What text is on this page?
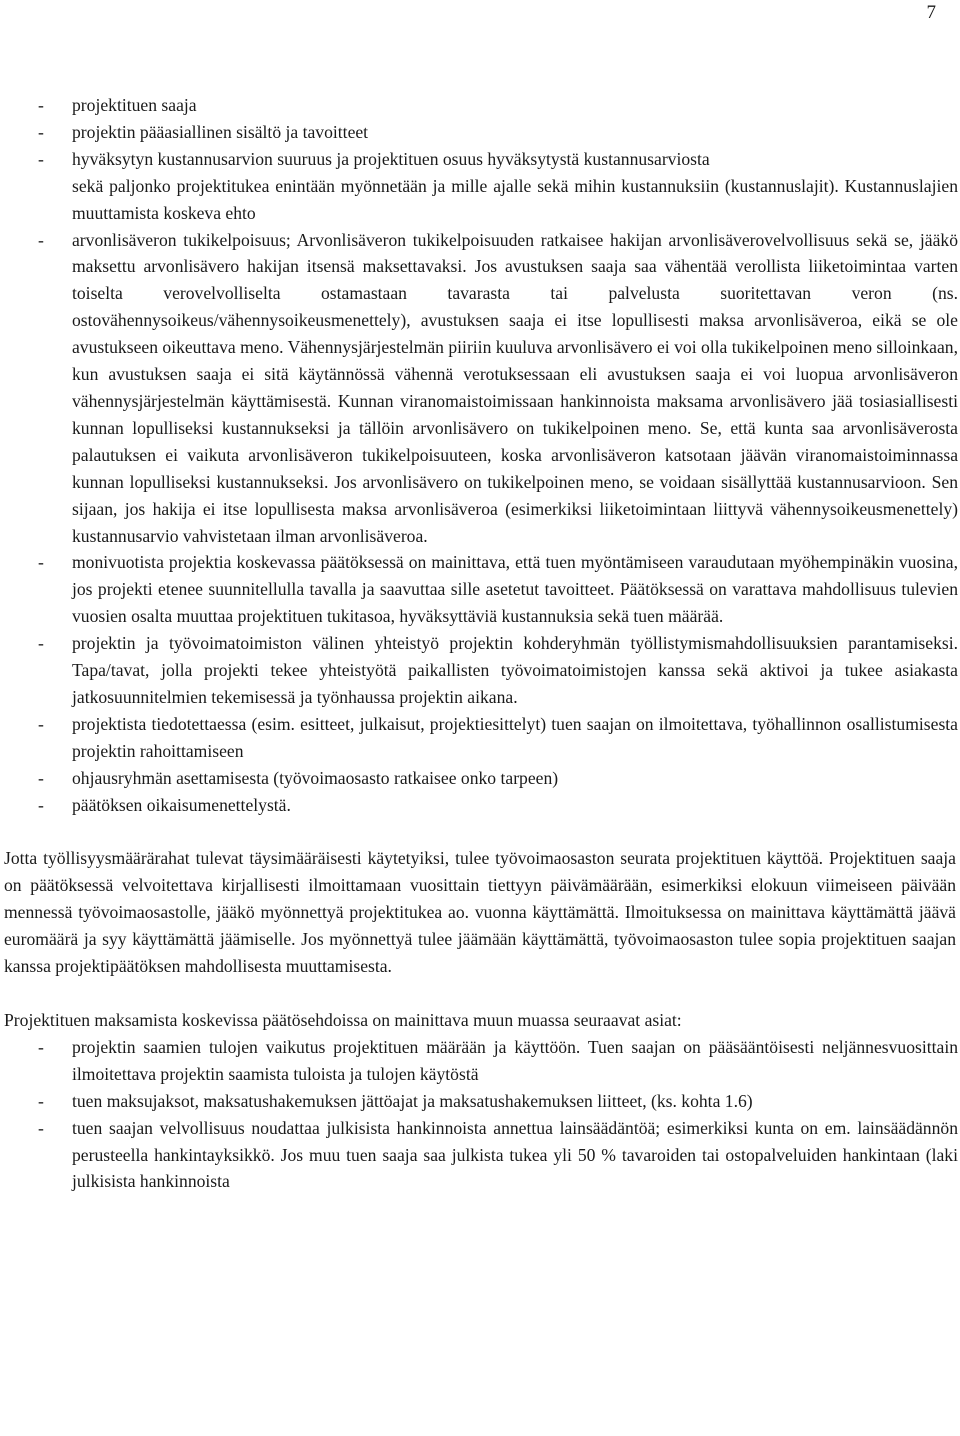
7
-	projektituen saaja
-	projektin pääasiallinen sisältö ja tavoitteet
-	hyväksytyn kustannusarvion suuruus ja projektituen osuus hyväksytystä kustannusarviosta
sekä paljonko projektitukea enintään myönnetään ja mille ajalle sekä mihin kustannuksiin (kustannuslajit). Kustannuslajien muuttamista koskeva ehto
-	arvonlisäveron tukikelpoisuus; Arvonlisäveron tukikelpoisuuden ratkaisee hakijan arvonlisäverovelvollisuus sekä se, jääkö maksettu arvonlisävero hakijan itsensä maksettavaksi. Jos avustuksen saaja saa vähentää verollista liiketoimintaa varten toiselta verovelvolliselta ostamastaan tavarasta tai palvelusta suoritettavan veron (ns. ostovähennysoikeus/vähennysoikeusmenettely), avustuksen saaja ei itse lopullisesti maksa arvonlisäveroa, eikä se ole avustukseen oikeuttava meno. Vähennysjärjestelmän piiriin kuuluva arvonlisävero ei voi olla tukikelpoinen meno silloinkaan, kun avustuksen saaja ei sitä käytännössä vähennä verotuksessaan eli avustuksen saaja ei voi luopua arvonlisäveron vähennysjärjestelmän käyttämisestä. Kunnan viranomaistoimissaan hankinnoista maksama arvonlisävero jää tosiasiallisesti kunnan lopulliseksi kustannukseksi ja tällöin arvonlisävero on tukikelpoinen meno. Se, että kunta saa arvonlisäverosta palautuksen ei vaikuta arvonlisäveron tukikelpoisuuteen, koska arvonlisäveron katsotaan jäävän viranomaistoiminnassa kunnan lopulliseksi kustannukseksi. Jos arvonlisävero on tukikelpoinen meno, se voidaan sisällyttää kustannusarvioon. Sen sijaan, jos hakija ei itse lopullisesta maksa arvonlisäveroa (esimerkiksi liiketoimintaan liittyvä vähennysoikeusmenettely) kustannusarvio vahvistetaan ilman arvonlisäveroa.
-	monivuotista projektia koskevassa päätöksessä on mainittava, että tuen myöntämiseen varaudutaan myöhempinäkin vuosina, jos projekti etenee suunnitellulla tavalla ja saavuttaa sille asetetut tavoitteet. Päätöksessä on varattava mahdollisuus tulevien vuosien osalta muuttaa projektituen tukitasoa, hyväksyttäviä kustannuksia sekä tuen määrää.
-	projektin ja työvoimatoimiston välinen yhteistyö projektin kohderyhmän työllistymismahdollisuuksien parantamiseksi. Tapa/tavat, jolla projekti tekee yhteistyötä paikallisten työvoimatoimistojen kanssa sekä aktivoi ja tukee asiakasta jatkosuunnitelmien tekemisessä ja työnhaussa projektin aikana.
-	projektista tiedotettaessa (esim. esitteet, julkaisut, projektiesittelyt) tuen saajan on ilmoitettava, työhallinnon osallistumisesta projektin rahoittamiseen
-	ohjausryhmän asettamisesta (työvoimaosasto ratkaisee onko tarpeen)
-	päätöksen oikaisumenettelystä.
Jotta työllisyysmäärärahat tulevat täysimääräisesti käytetyiksi, tulee työvoimaosaston seurata projektituen käyttöä. Projektituen saaja on päätöksessä velvoitettava kirjallisesti ilmoittamaan vuosittain tiettyyn päivämäärään, esimerkiksi elokuun viimeiseen päivään mennessä työvoimaosastolle, jääkö myönnettyä projektitukea ao. vuonna käyttämättä. Ilmoituksessa on mainittava käyttämättä jäävä euromäärä ja syy käyttämättä jäämiselle. Jos myönnettyä tulee jäämään käyttämättä, työvoimaosaston tulee sopia projektituen saajan kanssa projektipäätöksen mahdollisesta muuttamisesta.
Projektituen maksamista koskevissa päätösehdoissa on mainittava muun muassa seuraavat asiat:
-	projektin saamien tulojen vaikutus projektituen määrään ja käyttöön. Tuen saajan on pääsääntöisesti neljännesvuosittain ilmoitettava projektin saamista tuloista ja tulojen käytöstä
-	tuen maksujaksot, maksatushakemuksen jättöajat ja maksatushakemuksen liitteet, (ks. kohta 1.6)
-	tuen saajan velvollisuus noudattaa julkisista hankinnoista annettua lainsäädäntöä; esimerkiksi kunta on em. lainsäädännön perusteella hankintayksikkö. Jos muu tuen saaja saa julkista tukea yli 50 % tavaroiden tai ostopalveluiden hankintaan (laki julkisista hankinnoista
